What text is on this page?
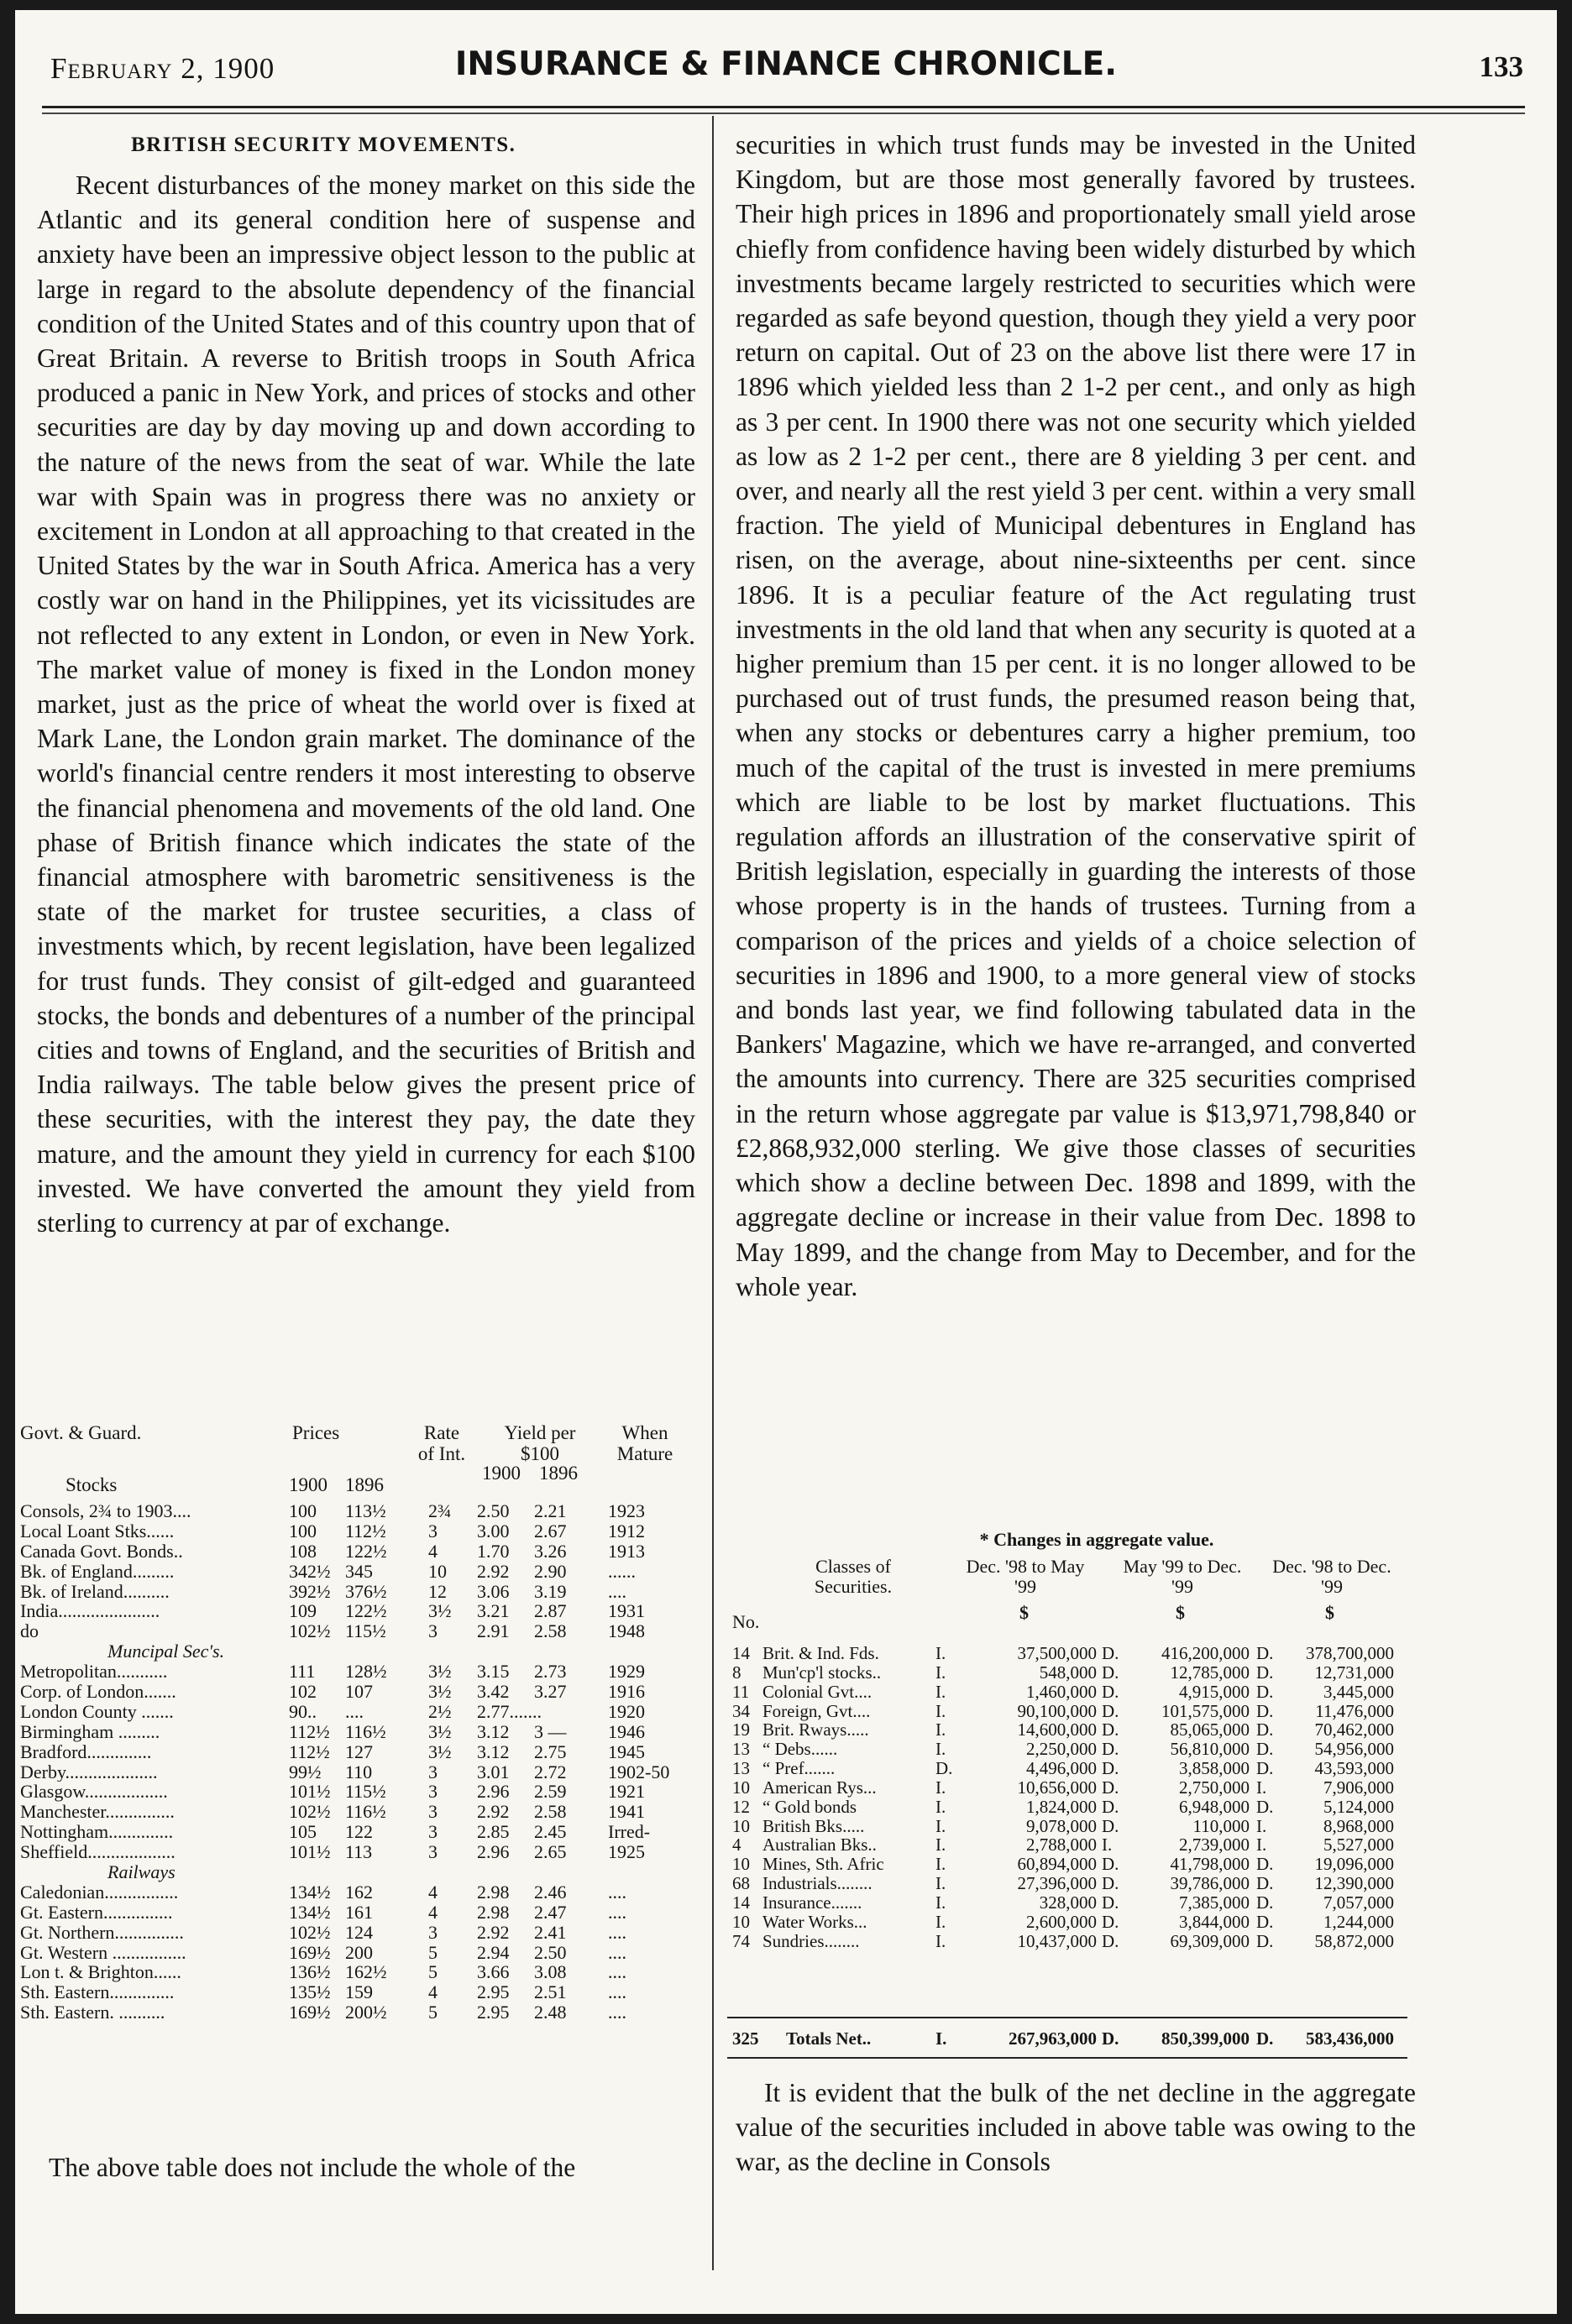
February 2, 1900	INSURANCE & FINANCE CHRONICLE.	133
BRITISH SECURITY MOVEMENTS.

Recent disturbances of the money market on this side the Atlantic and its general condition here of suspense and anxiety have been an impressive object lesson to the public at large in regard to the absolute dependency of the financial condition of the United States and of this country upon that of Great Britain. A reverse to British troops in South Africa produced a panic in New York, and prices of stocks and other securities are day by day moving up and down according to the nature of the news from the seat of war. While the late war with Spain was in progress there was no anxiety or excitement in London at all approaching to that created in the United States by the war in South Africa. America has a very costly war on hand in the Philippines, yet its vicissitudes are not reflected to any extent in London, or even in New York. The market value of money is fixed in the London money market, just as the price of wheat the world over is fixed at Mark Lane, the London grain market. The dominance of the world's financial centre renders it most interesting to observe the financial phenomena and movements of the old land. One phase of British finance which indicates the state of the financial atmosphere with barometric sensitiveness is the state of the market for trustee securities, a class of investments which, by recent legislation, have been legalized for trust funds. They consist of gilt-edged and guaranteed stocks, the bonds and debentures of a number of the principal cities and towns of England, and the securities of British and India railways. The table below gives the present price of these securities, with the interest they pay, the date they mature, and the amount they yield in currency for each $100 invested. We have converted the amount they yield from sterling to currency at par of exchange.

Govt. & Guard.	Prices	Rate of Int.
Yield per $100
When Mature
Stocks	1900 1896
1900 1896
Consols, 2¾ to 1903....	100 113½ 2¾ 2.50 2.21 1923
Local Loant Stks......	100 112½ 3 3.00 2.67 1912
Canada Govt. Bonds..	108 122½ 4 1.70 3.26 1913
Bk. of England.........	342½ 345	10 2.92 2.90 ......
Bk. of Ireland..........	392½ 376½ 12 3.06 3.19 ....
India......................	109 122½ 3½ 3.21 2.87 1931
do	102½ 115½ 3 2.91 2.58 1948
Muncipal Sec's.
Metropolitan...........	111 128½ 3½ 3.15 2.73 1929
Corp. of London.......	102 107	3½ 3.42 3.27 1916
London County .......	90.. ....	2½ 2.77.......	1920
Birmingham .........	112½ 116½ 3½ 3.12 3 — 1946
Bradford..............	112½ 127	3½ 3.12 2.75 1945
Derby....................	99½ 110	3 3.01 2.72 1902-50
Glasgow..................	101½ 115½ 3 2.96 2.59 1921
Manchester...............	102½ 116½ 3 2.92 2.58 1941
Nottingham..............	105 122	3 2.85 2.45 Irred-
Sheffield...................	101½ 113	3 2.96 2.65 1925
Railways
Caledonian................	134½ 162	4 2.98 2.46 ....
Gt. Eastern...............	134½ 161	4 2.98 2.47 ....
Gt. Northern...............	102½ 124	3 2.92 2.41 ....
Gt. Western ................	169½ 200	5 2.94 2.50 ....
Lon t. & Brighton......	136½ 162½ 5 3.66 3.08 ....
Sth. Eastern..............	135½ 159	4 2.95 2.51 ....
Sth. Eastern. ..........	169½ 200½ 5 2.95 2.48 ....
The above table does not include the whole of the

securities in which trust funds may be invested in the United Kingdom, but are those most generally favored by trustees. Their high prices in 1896 and proportionately small yield arose chiefly from confidence having been widely disturbed by which investments became largely restricted to securities which were regarded as safe beyond question, though they yield a very poor return on capital. Out of 23 on the above list there were 17 in 1896 which yielded less than 2 1-2 per cent., and only as high as 3 per cent. In 1900 there was not one security which yielded as low as 2 1-2 per cent., there are 8 yielding 3 per cent. and over, and nearly all the rest yield 3 per cent. within a very small fraction. The yield of Municipal debentures in England has risen, on the average, about nine-sixteenths per cent. since 1896. It is a peculiar feature of the Act regulating trust investments in the old land that when any security is quoted at a higher premium than 15 per cent. it is no longer allowed to be purchased out of trust funds, the presumed reason being that, when any stocks or debentures carry a higher premium, too much of the capital of the trust is invested in mere premiums which are liable to be lost by market fluctuations. This regulation affords an illustration of the conservative spirit of British legislation, especially in guarding the interests of those whose property is in the hands of trustees. Turning from a comparison of the prices and yields of a choice selection of securities in 1896 and 1900, to a more general view of stocks and bonds last year, we find following tabulated data in the Bankers' Magazine, which we have re-arranged, and converted the amounts into currency. There are 325 securities comprised in the return whose aggregate par value is $13,971,798,840 or £2,868,932,000 sterling. We give those classes of securities which show a decline between Dec. 1898 and 1899, with the aggregate decline or increase in their value from Dec. 1898 to May 1899, and the change from May to December, and for the whole year.

* Changes in aggregate value.
Classes of Securities.
Dec. '98 to May '99
May '99 to Dec. '99
Dec. '98 to Dec. '99
No.	$	$	$
14 Brit. & Ind. Fds.	I.	37,500,000 D.	416,200,000 D.	378,700,000
8 Mun'cp'l stocks..	I.	548,000 D.	12,785,000 D.	12,731,000
11 Colonial Gvt....	I.	1,460,000 D.	4,915,000 D.	3,445,000
34 Foreign, Gvt....	I.	90,100,000 D.	101,575,000 D.	11,476,000
19 Brit. Rways.....	I.	14,600,000 D.	85,065,000 D.	70,462,000
13 “ Debs......	I.	2,250,000 D.	56,810,000 D.	54,956,000
13 “ Pref.......	D.	4,496,000 D.	3,858,000 D.	43,593,000
10 American Rys...	I.	10,656,000 D.	2,750,000 I.	7,906,000
12 “ Gold bonds	I.	1,824,000 D.	6,948,000 D.	5,124,000
10 British Bks.....	I.	9,078,000 D.	110,000 I.	8,968,000
4 Australian Bks..	I.	2,788,000 I.	2,739,000 I.	5,527,000
10 Mines, Sth. Afric	I.	60,894,000 D.	41,798,000 D.	19,096,000
68 Industrials........	I.	27,396,000 D.	39,786,000 D.	12,390,000
14 Insurance.......	I.	328,000 D.	7,385,000 D.	7,057,000
10 Water Works...	I.	2,600,000 D.	3,844,000 D.	1,244,000
74 Sundries........	I.	10,437,000 D.	69,309,000 D.	58,872,000
325 Totals Net..	I.	267,963,000 D.	850,399,000 D.	583,436,000

It is evident that the bulk of the net decline in the aggregate value of the securities included in above table was owing to the war, as the decline in Consols
